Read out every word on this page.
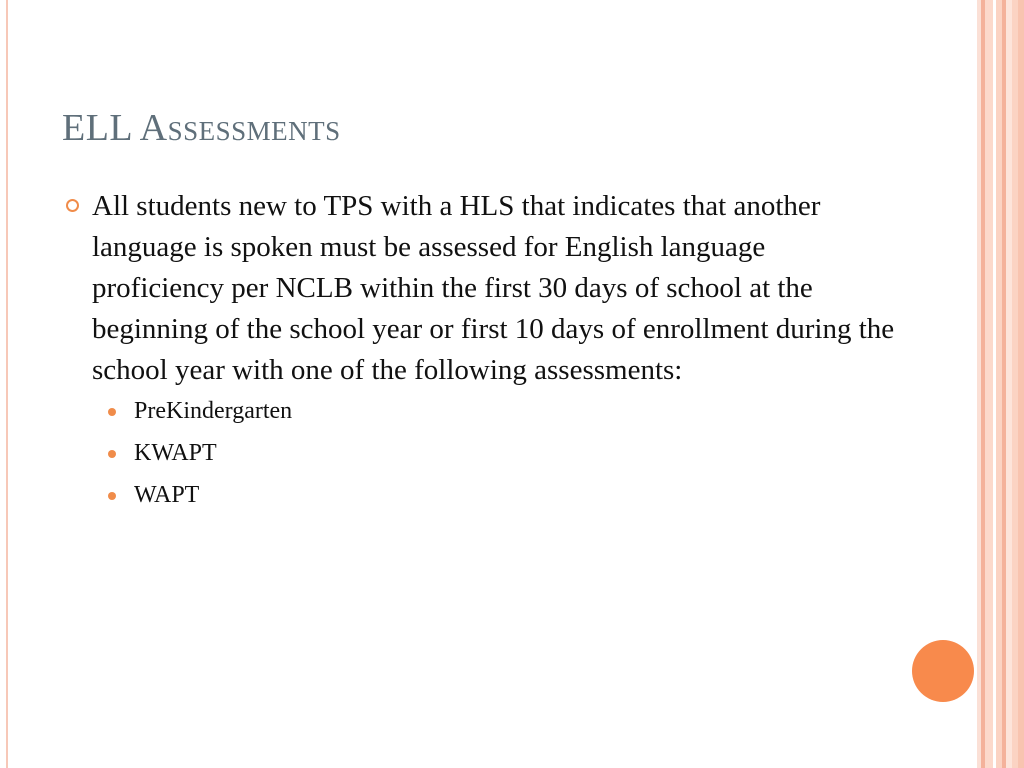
ELL Assessments
All students new to TPS with a HLS that indicates that another language is spoken must be assessed for English language proficiency per NCLB within the first 30 days of school at the beginning of the school year or first 10 days of enrollment during the school year with one of the following assessments:
PreKindergarten
KWAPT
WAPT
